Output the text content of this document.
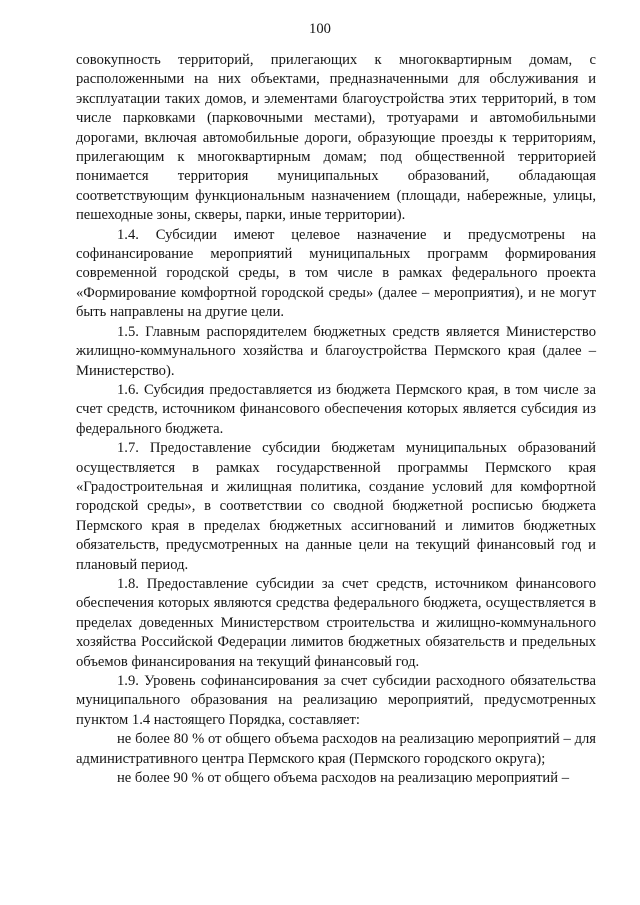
100

совокупность территорий, прилегающих к многоквартирным домам, с расположенными на них объектами, предназначенными для обслуживания и эксплуатации таких домов, и элементами благоустройства этих территорий, в том числе парковками (парковочными местами), тротуарами и автомобильными дорогами, включая автомобильные дороги, образующие проезды к территориям, прилегающим к многоквартирным домам; под общественной территорией понимается территория муниципальных образований, обладающая соответствующим функциональным назначением (площади, набережные, улицы, пешеходные зоны, скверы, парки, иные территории).

1.4. Субсидии имеют целевое назначение и предусмотрены на софинансирование мероприятий муниципальных программ формирования современной городской среды, в том числе в рамках федерального проекта «Формирование комфортной городской среды» (далее – мероприятия), и не могут быть направлены на другие цели.

1.5. Главным распорядителем бюджетных средств является Министерство жилищно-коммунального хозяйства и благоустройства Пермского края (далее – Министерство).

1.6. Субсидия предоставляется из бюджета Пермского края, в том числе за счет средств, источником финансового обеспечения которых является субсидия из федерального бюджета.

1.7. Предоставление субсидии бюджетам муниципальных образований осуществляется в рамках государственной программы Пермского края «Градостроительная и жилищная политика, создание условий для комфортной городской среды», в соответствии со сводной бюджетной росписью бюджета Пермского края в пределах бюджетных ассигнований и лимитов бюджетных обязательств, предусмотренных на данные цели на текущий финансовый год и плановый период.

1.8. Предоставление субсидии за счет средств, источником финансового обеспечения которых являются средства федерального бюджета, осуществляется в пределах доведенных Министерством строительства и жилищно-коммунального хозяйства Российской Федерации лимитов бюджетных обязательств и предельных объемов финансирования на текущий финансовый год.

1.9. Уровень софинансирования за счет субсидии расходного обязательства муниципального образования на реализацию мероприятий, предусмотренных пунктом 1.4 настоящего Порядка, составляет:

не более 80 % от общего объема расходов на реализацию мероприятий – для административного центра Пермского края (Пермского городского округа);

не более 90 % от общего объема расходов на реализацию мероприятий –
